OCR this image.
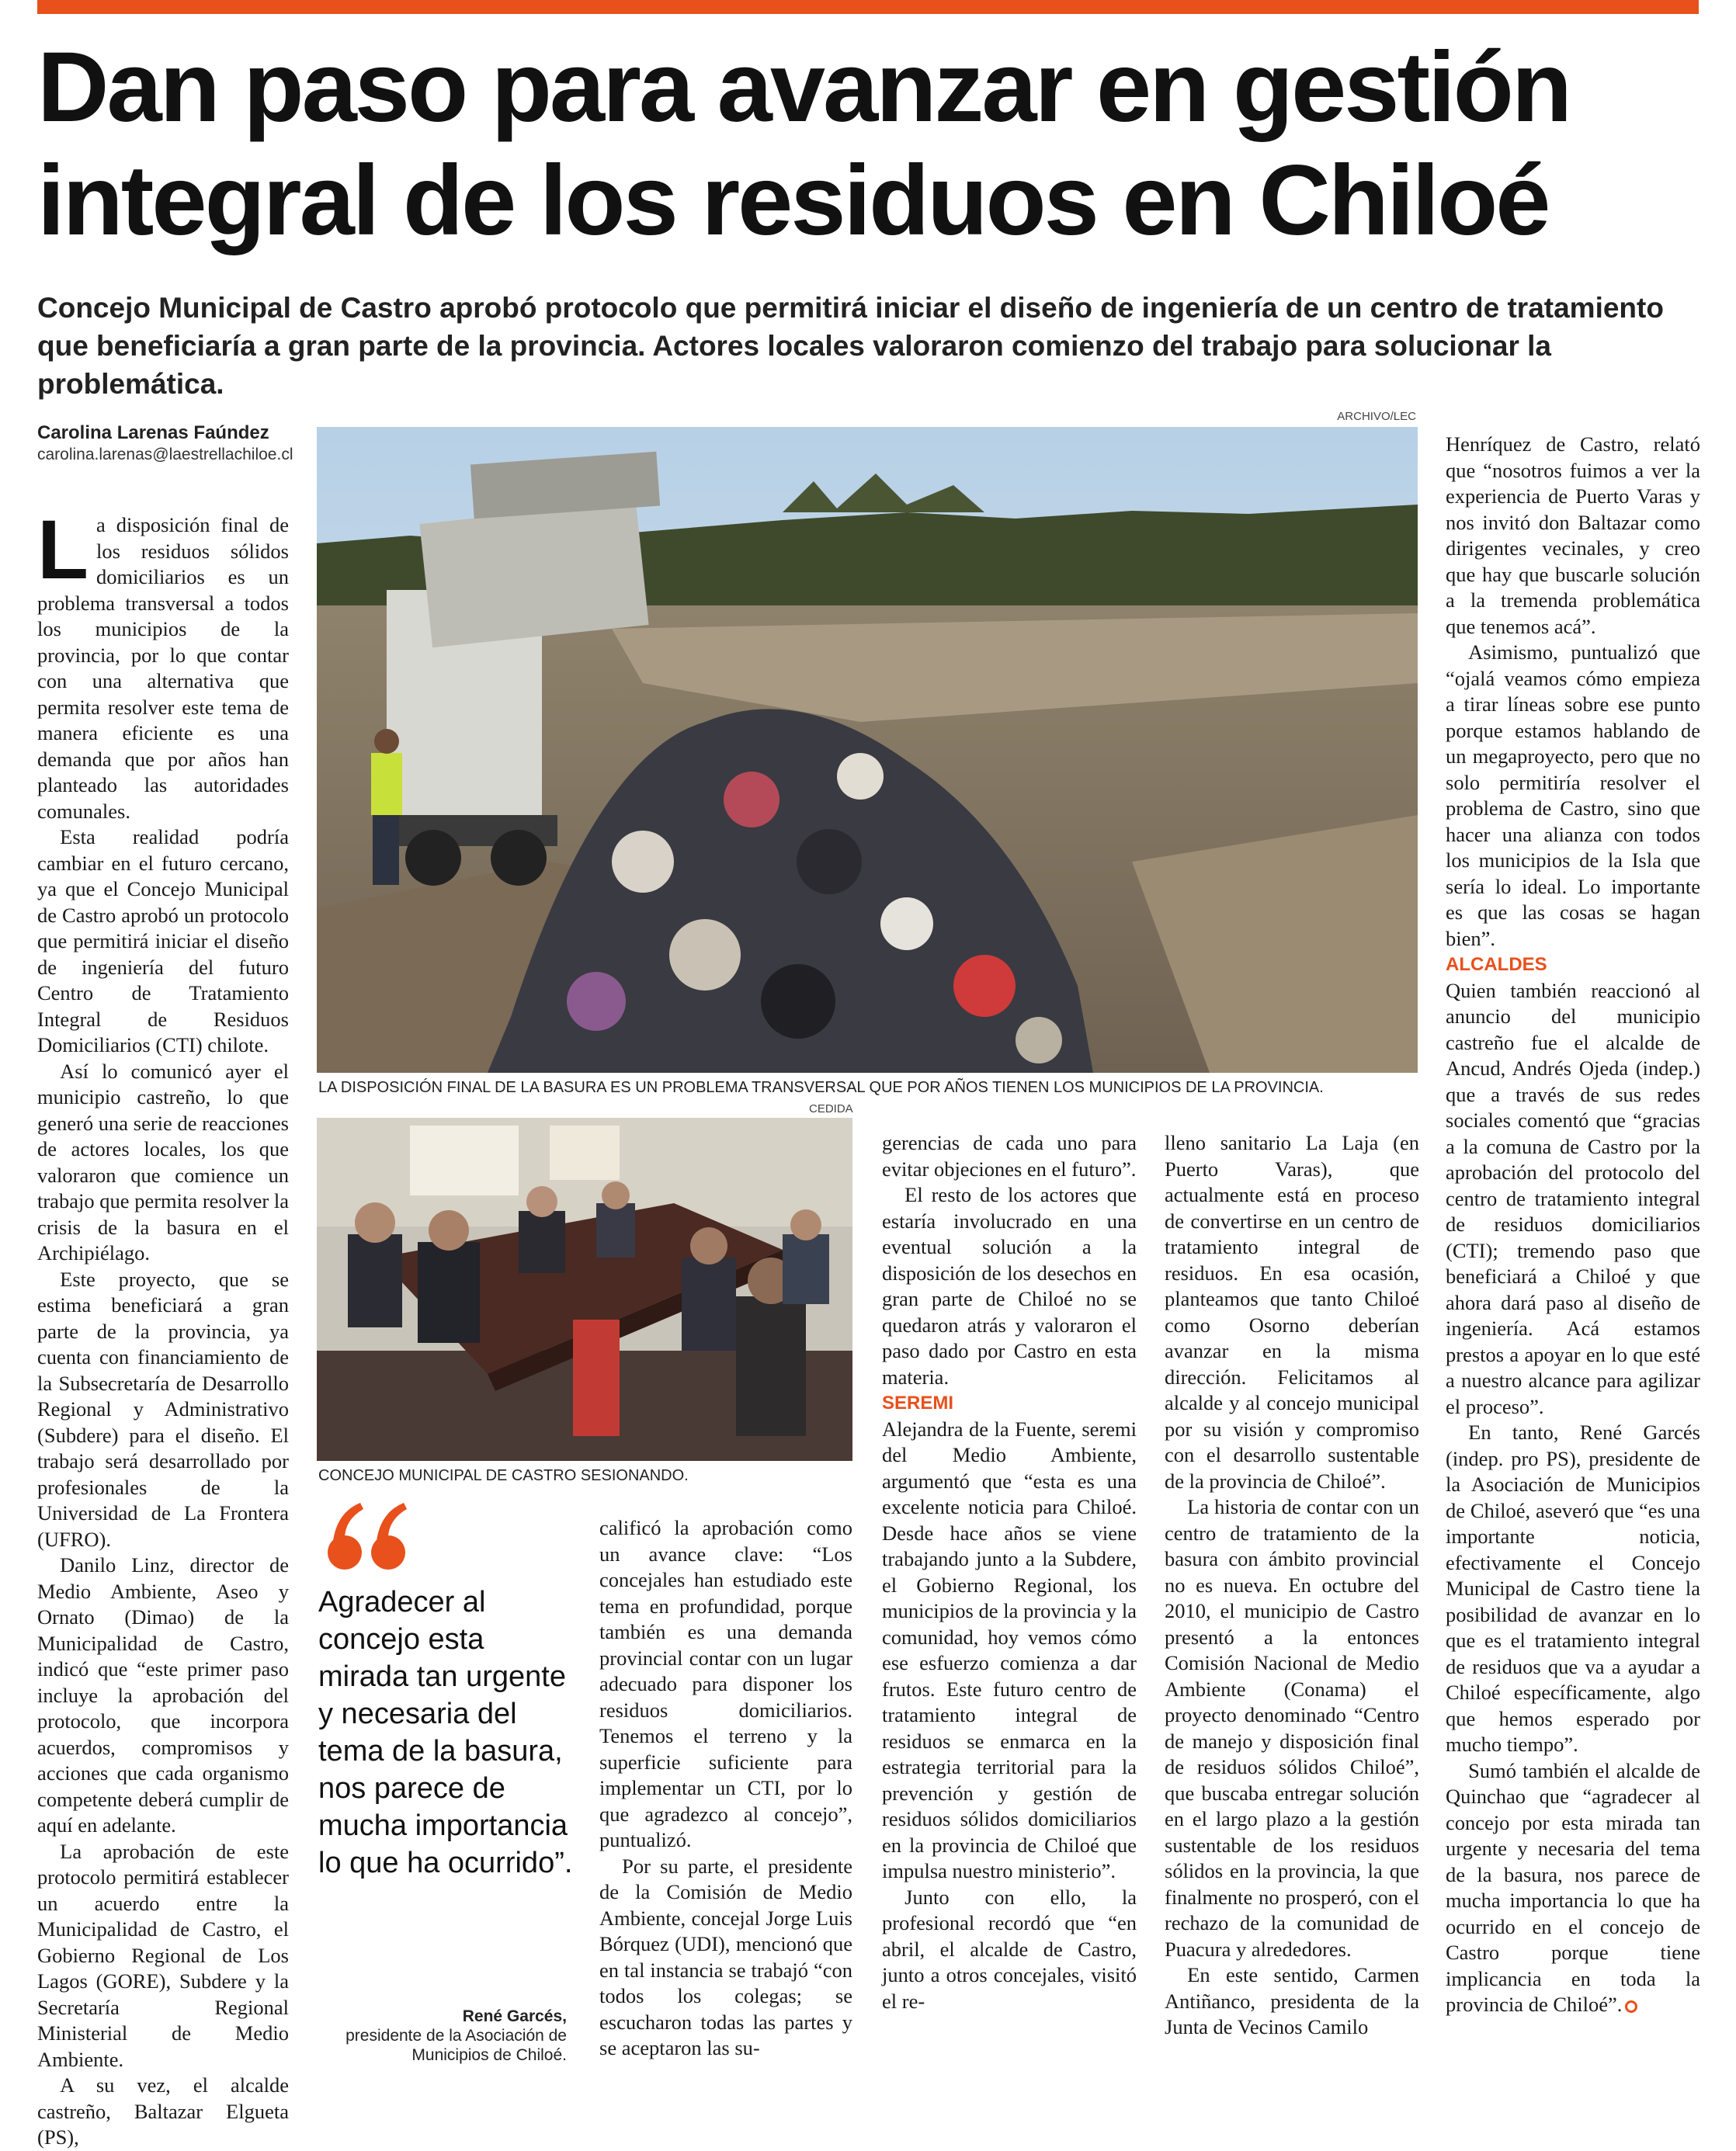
Dan paso para avanzar en gestión integral de los residuos en Chiloé

Concejo Municipal de Castro aprobó protocolo que permitirá iniciar el diseño de ingeniería de un centro de tratamiento que beneficiaría a gran parte de la provincia. Actores locales valoraron comienzo del trabajo para solucionar la problemática.

Carolina Larenas Faúndez
carolina.larenas@laestrellachiloe.cl
ARCHIVO/LEC
LA DISPOSICIÓN FINAL DE LA BASURA ES UN PROBLEMA TRANSVERSAL QUE POR AÑOS TIENEN LOS MUNICIPIOS DE LA PROVINCIA.
CEDIDA
CONCEJO MUNICIPAL DE CASTRO SESIONANDO.

La disposición final de los residuos sólidos domiciliarios es un problema transversal a todos los municipios de la provincia, por lo que contar con una alternativa que permita resolver este tema de manera eficiente es una demanda que por años han planteado las autoridades comunales.

Esta realidad podría cambiar en el futuro cercano, ya que el Concejo Municipal de Castro aprobó un protocolo que permitirá iniciar el diseño de ingeniería del futuro Centro de Tratamiento Integral de Residuos Domiciliarios (CTI) chilote.

Así lo comunicó ayer el municipio castreño, lo que generó una serie de reacciones de actores locales, los que valoraron que comience un trabajo que permita resolver la crisis de la basura en el Archipiélago.

Este proyecto, que se estima beneficiará a gran parte de la provincia, ya cuenta con financiamiento de la Subsecretaría de Desarrollo Regional y Administrativo (Subdere) para el diseño. El trabajo será desarrollado por profesionales de la Universidad de La Frontera (UFRO).

Danilo Linz, director de Medio Ambiente, Aseo y Ornato (Dimao) de la Municipalidad de Castro, indicó que “este primer paso incluye la aprobación del protocolo, que incorpora acuerdos, compromisos y acciones que cada organismo competente deberá cumplir de aquí en adelante.

La aprobación de este protocolo permitirá establecer un acuerdo entre la Municipalidad de Castro, el Gobierno Regional de Los Lagos (GORE), Subdere y la Secretaría Regional Ministerial de Medio Ambiente.

A su vez, el alcalde castreño, Baltazar Elgueta (PS),

Agradecer al concejo esta mirada tan urgente y necesaria del tema de la basura, nos parece de mucha importancia lo que ha ocurrido”.
René Garcés,
presidente de la Asociación de Municipios de Chiloé.

calificó la aprobación como un avance clave: “Los concejales han estudiado este tema en profundidad, porque también es una demanda provincial contar con un lugar adecuado para disponer los residuos domiciliarios. Tenemos el terreno y la superficie suficiente para implementar un CTI, por lo que agradezco al concejo”, puntualizó.

Por su parte, el presidente de la Comisión de Medio Ambiente, concejal Jorge Luis Bórquez (UDI), mencionó que en tal instancia se trabajó “con todos los colegas; se escucharon todas las partes y se aceptaron las su-

gerencias de cada uno para evitar objeciones en el futuro”.

El resto de los actores que estaría involucrado en una eventual solución a la disposición de los desechos en gran parte de Chiloé no se quedaron atrás y valoraron el paso dado por Castro en esta materia.

SEREMI

Alejandra de la Fuente, seremi del Medio Ambiente, argumentó que “esta es una excelente noticia para Chiloé. Desde hace años se viene trabajando junto a la Subdere, el Gobierno Regional, los municipios de la provincia y la comunidad, hoy vemos cómo ese esfuerzo comienza a dar frutos. Este futuro centro de tratamiento integral de residuos se enmarca en la estrategia territorial para la prevención y gestión de residuos sólidos domiciliarios en la provincia de Chiloé que impulsa nuestro ministerio”.

Junto con ello, la profesional recordó que “en abril, el alcalde de Castro, junto a otros concejales, visitó el re-

lleno sanitario La Laja (en Puerto Varas), que actualmente está en proceso de convertirse en un centro de tratamiento integral de residuos. En esa ocasión, planteamos que tanto Chiloé como Osorno deberían avanzar en la misma dirección. Felicitamos al alcalde y al concejo municipal por su visión y compromiso con el desarrollo sustentable de la provincia de Chiloé”.

La historia de contar con un centro de tratamiento de la basura con ámbito provincial no es nueva. En octubre del 2010, el municipio de Castro presentó a la entonces Comisión Nacional de Medio Ambiente (Conama) el proyecto denominado “Centro de manejo y disposición final de residuos sólidos Chiloé”, que buscaba entregar solución en el largo plazo a la gestión sustentable de los residuos sólidos en la provincia, la que finalmente no prosperó, con el rechazo de la comunidad de Puacura y alrededores.

En este sentido, Carmen Antiñanco, presidenta de la Junta de Vecinos Camilo

Henríquez de Castro, relató que “nosotros fuimos a ver la experiencia de Puerto Varas y nos invitó don Baltazar como dirigentes vecinales, y creo que hay que buscarle solución a la tremenda problemática que tenemos acá”.

Asimismo, puntualizó que “ojalá veamos cómo empieza a tirar líneas sobre ese punto porque estamos hablando de un megaproyecto, pero que no solo permitiría resolver el problema de Castro, sino que hacer una alianza con todos los municipios de la Isla que sería lo ideal. Lo importante es que las cosas se hagan bien”.

ALCALDES

Quien también reaccionó al anuncio del municipio castreño fue el alcalde de Ancud, Andrés Ojeda (indep.) que a través de sus redes sociales comentó que “gracias a la comuna de Castro por la aprobación del protocolo del centro de tratamiento integral de residuos domiciliarios (CTI); tremendo paso que beneficiará a Chiloé y que ahora dará paso al diseño de ingeniería. Acá estamos prestos a apoyar en lo que esté a nuestro alcance para agilizar el proceso”.

En tanto, René Garcés (indep. pro PS), presidente de la Asociación de Municipios de Chiloé, aseveró que “es una importante noticia, efectivamente el Concejo Municipal de Castro tiene la posibilidad de avanzar en lo que es el tratamiento integral de residuos que va a ayudar a Chiloé específicamente, algo que hemos esperado por mucho tiempo”.

Sumó también el alcalde de Quinchao que “agradecer al concejo por esta mirada tan urgente y necesaria del tema de la basura, nos parece de mucha importancia lo que ha ocurrido en el concejo de Castro porque tiene implicancia en toda la provincia de Chiloé”.
